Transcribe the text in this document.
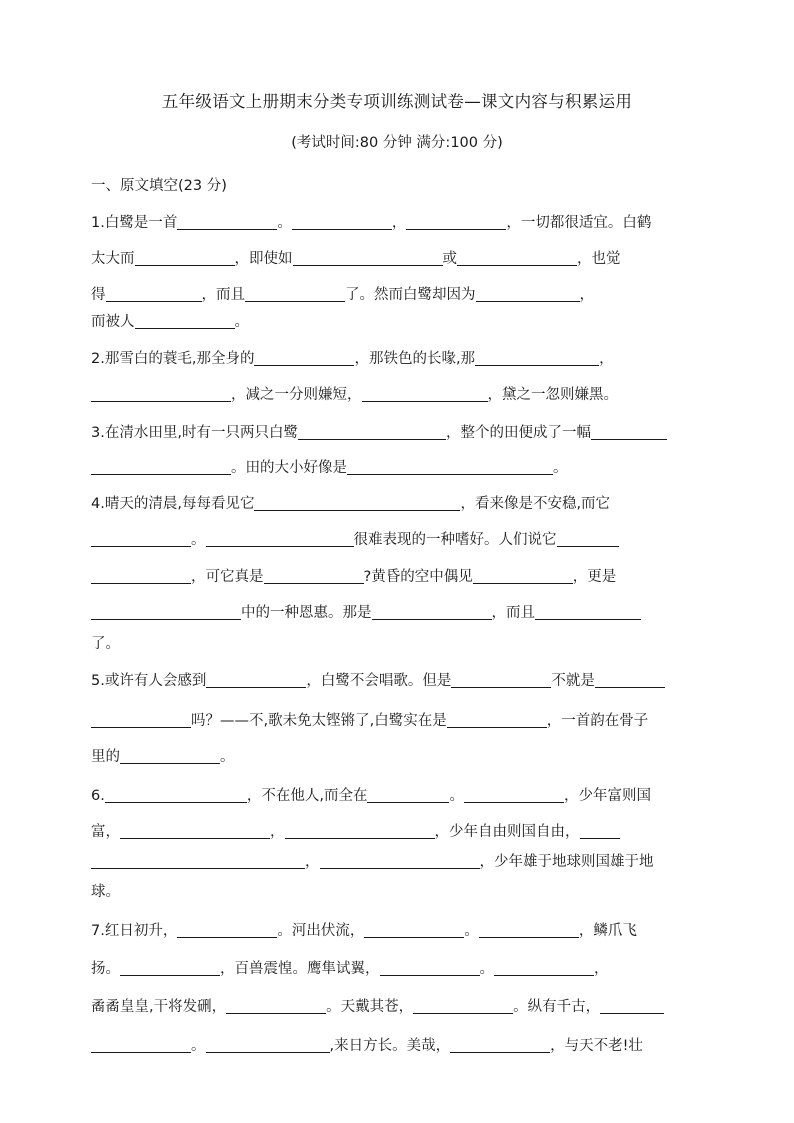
五年级语文上册期末分类专项训练测试卷—课文内容与积累运用
(考试时间:80 分钟 满分:100 分)
一、原文填空(23 分)
1.白鹭是一首	。	，	，一切都很适宜。白鹤
太大而	，即使如	或	，也觉
得	，而且	了。然而白鹭却因为	，
而被人	。
2.那雪白的蓑毛,那全身的	，那铁色的长喙,那	，
，减之一分则嫌短，	，黛之一忽则嫌黑。
3.在清水田里,时有一只两只白鹭	，整个的田便成了一幅
。田的大小好像是	。
4.晴天的清晨,每每看见它	，看来像是不安稳,而它
。	很难表现的一种嗜好。人们说它
，可它真是	?黄昏的空中偶见	，更是
中的一种恩惠。那是	，而且
了。
5.或许有人会感到	，白鹭不会唱歌。但是	不就是
吗？——不,歌未免太铿锵了,白鹭实在是	，一首韵在骨子
里的	。
6.	，不在他人,而全在	。	，少年富则国
富，	，	，少年自由则国自由，
，	，少年雄于地球则国雄于地
球。
7.红日初升，	。河出伏流，	。	，鳞爪飞
扬。	，百兽震惶。鹰隼试翼，	。	，
矞矞皇皇,干将发硎，	。天戴其苍，	。纵有千古，
。	,来日方长。美哉，	，与天不老!壮
